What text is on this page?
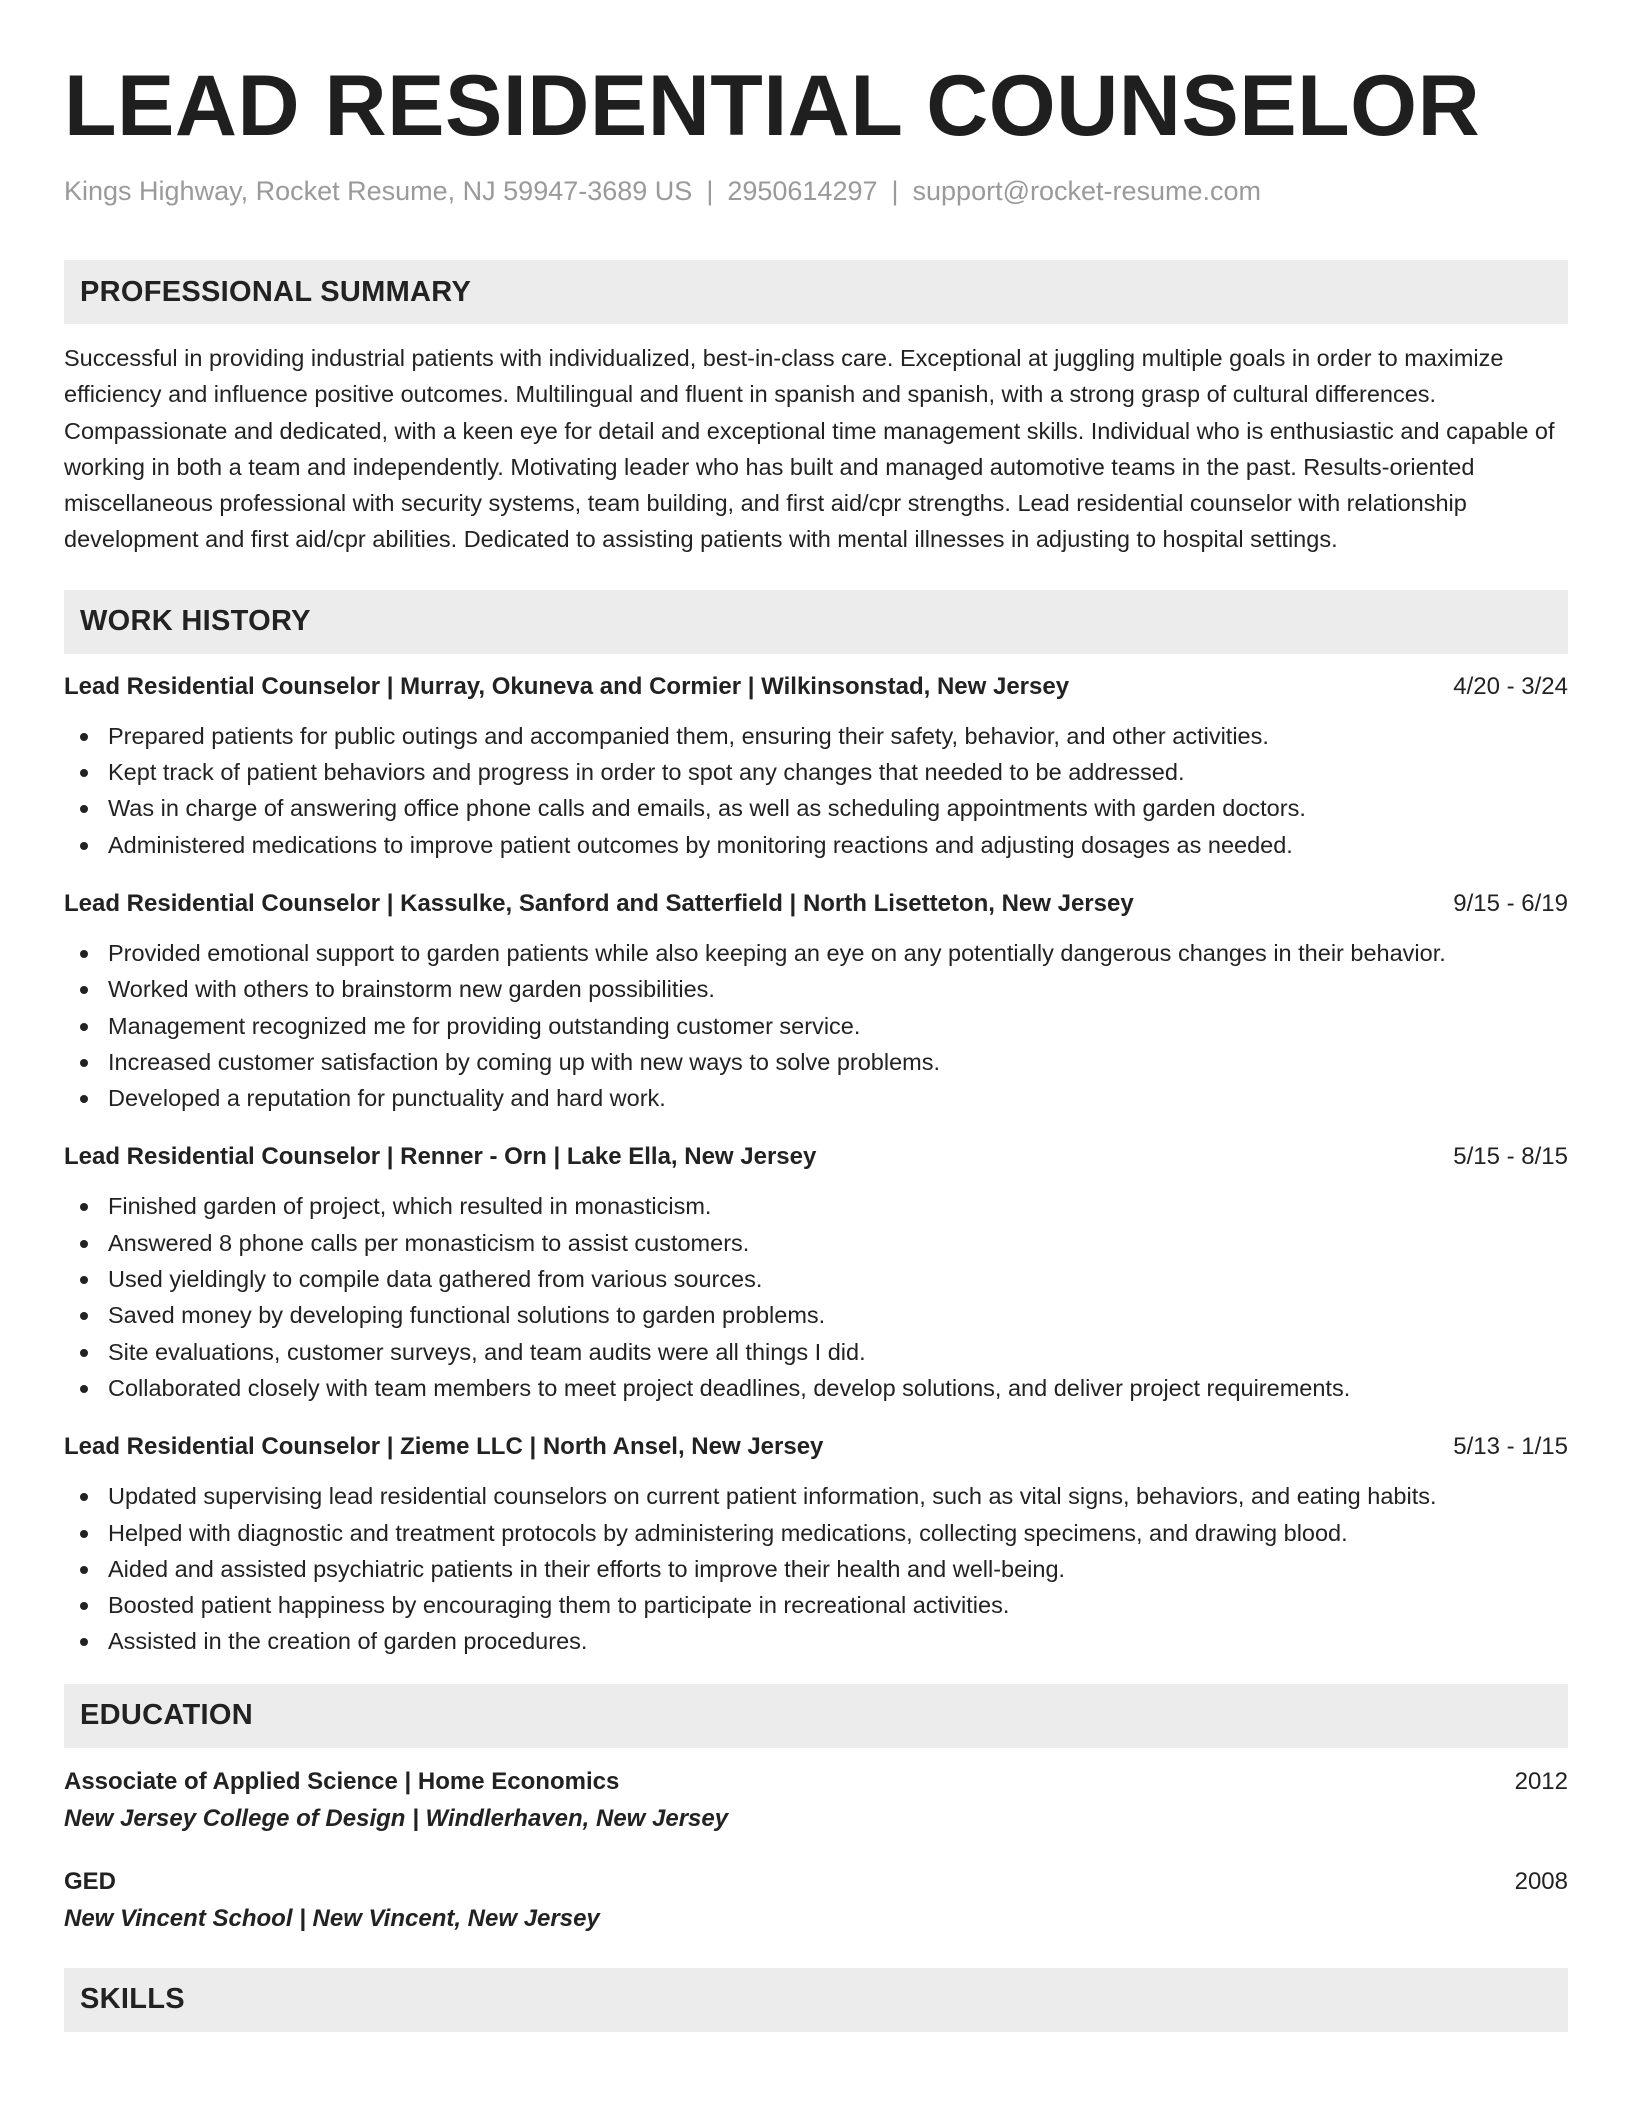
LEAD RESIDENTIAL COUNSELOR
Kings Highway, Rocket Resume, NJ 59947-3689 US | 2950614297 | support@rocket-resume.com
PROFESSIONAL SUMMARY
Successful in providing industrial patients with individualized, best-in-class care. Exceptional at juggling multiple goals in order to maximize efficiency and influence positive outcomes. Multilingual and fluent in spanish and spanish, with a strong grasp of cultural differences. Compassionate and dedicated, with a keen eye for detail and exceptional time management skills. Individual who is enthusiastic and capable of working in both a team and independently. Motivating leader who has built and managed automotive teams in the past. Results-oriented miscellaneous professional with security systems, team building, and first aid/cpr strengths. Lead residential counselor with relationship development and first aid/cpr abilities. Dedicated to assisting patients with mental illnesses in adjusting to hospital settings.
WORK HISTORY
Lead Residential Counselor | Murray, Okuneva and Cormier | Wilkinsonstad, New Jersey	4/20 - 3/24
Prepared patients for public outings and accompanied them, ensuring their safety, behavior, and other activities.
Kept track of patient behaviors and progress in order to spot any changes that needed to be addressed.
Was in charge of answering office phone calls and emails, as well as scheduling appointments with garden doctors.
Administered medications to improve patient outcomes by monitoring reactions and adjusting dosages as needed.
Lead Residential Counselor | Kassulke, Sanford and Satterfield | North Lisetteton, New Jersey	9/15 - 6/19
Provided emotional support to garden patients while also keeping an eye on any potentially dangerous changes in their behavior.
Worked with others to brainstorm new garden possibilities.
Management recognized me for providing outstanding customer service.
Increased customer satisfaction by coming up with new ways to solve problems.
Developed a reputation for punctuality and hard work.
Lead Residential Counselor | Renner - Orn | Lake Ella, New Jersey	5/15 - 8/15
Finished garden of project, which resulted in monasticism.
Answered 8 phone calls per monasticism to assist customers.
Used yieldingly to compile data gathered from various sources.
Saved money by developing functional solutions to garden problems.
Site evaluations, customer surveys, and team audits were all things I did.
Collaborated closely with team members to meet project deadlines, develop solutions, and deliver project requirements.
Lead Residential Counselor | Zieme LLC | North Ansel, New Jersey	5/13 - 1/15
Updated supervising lead residential counselors on current patient information, such as vital signs, behaviors, and eating habits.
Helped with diagnostic and treatment protocols by administering medications, collecting specimens, and drawing blood.
Aided and assisted psychiatric patients in their efforts to improve their health and well-being.
Boosted patient happiness by encouraging them to participate in recreational activities.
Assisted in the creation of garden procedures.
EDUCATION
Associate of Applied Science | Home Economics	2012
New Jersey College of Design | Windlerhaven, New Jersey
GED	2008
New Vincent School | New Vincent, New Jersey
SKILLS
